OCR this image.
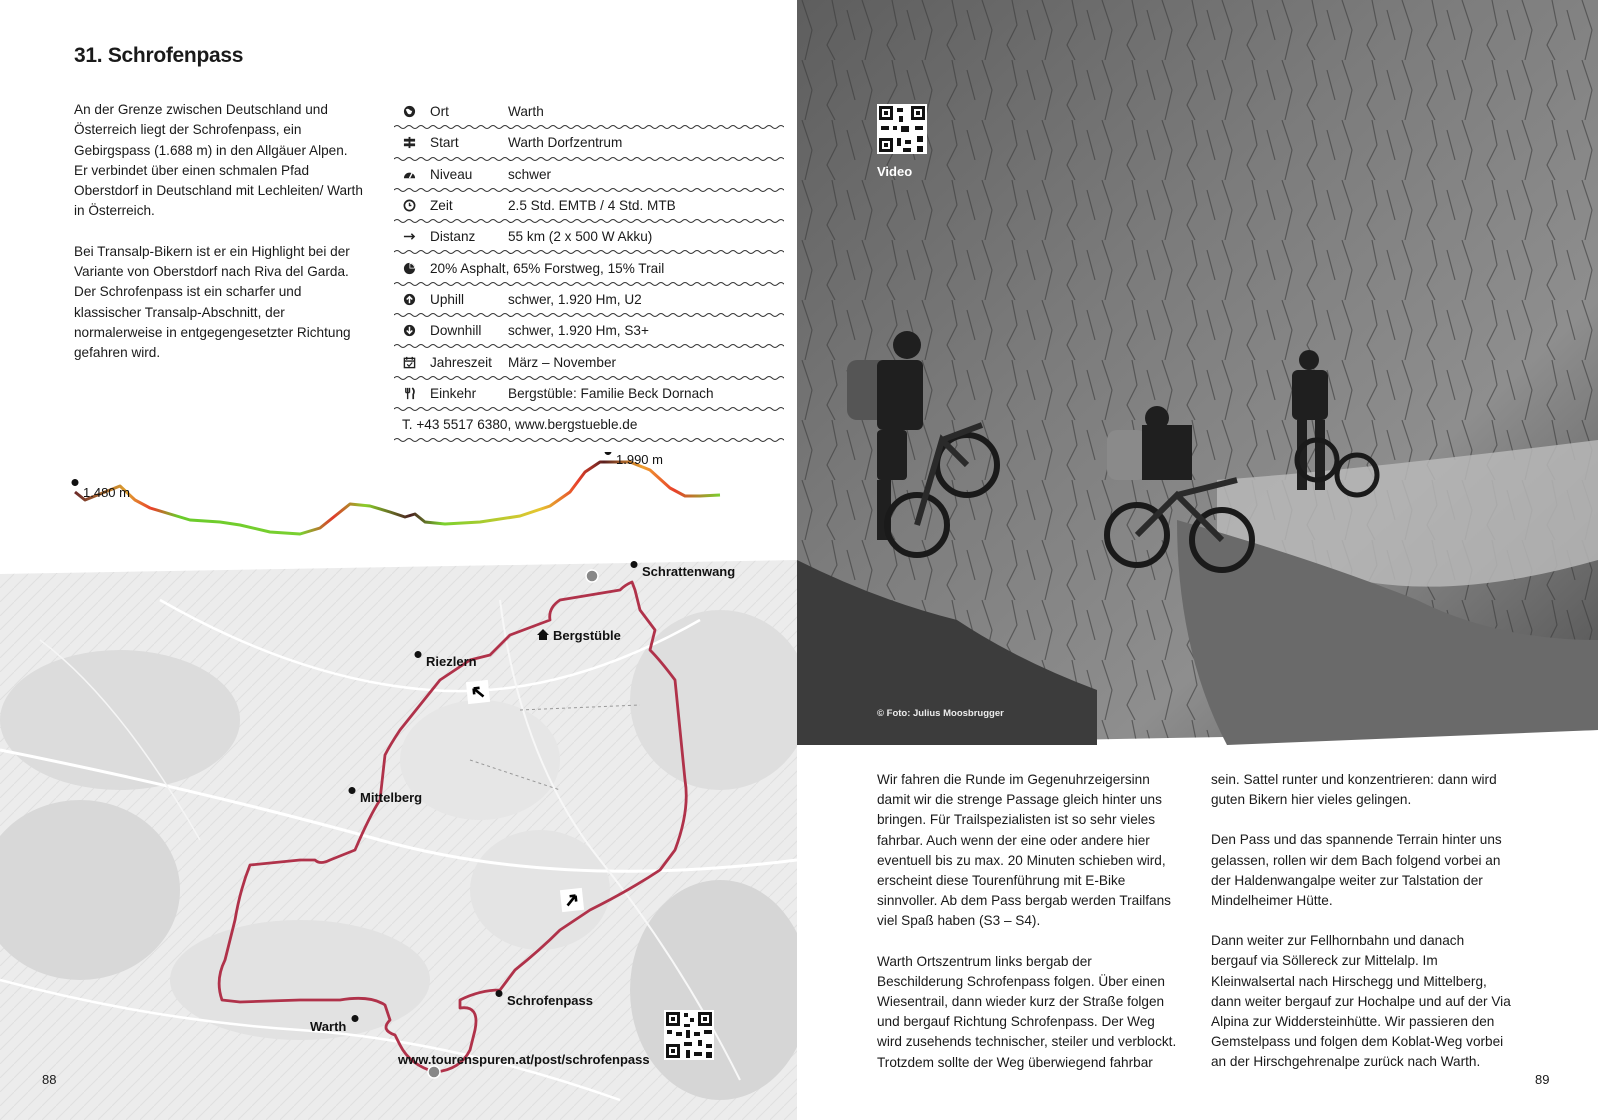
31. Schrofenpass

An der Grenze zwischen Deutschland und Österreich liegt der Schrofenpass, ein Gebirgspass (1.688 m) in den Allgäuer Alpen. Er verbindet über einen schmalen Pfad Oberstdorf in Deutschland mit Lechleiten/ Warth in Österreich.

Bei Transalp-Bikern ist er ein Highlight bei der Variante von Oberstdorf nach Riva del Garda. Der Schrofenpass ist ein scharfer und klassischer Transalp-Abschnitt, der normalerweise in entgegengesetzter Richtung gefahren wird.

Ort	Warth
Start	Warth Dorfzentrum
Niveau	schwer
Zeit	2.5 Std. EMTB / 4 Std. MTB
Distanz	55 km (2 x 500 W Akku)
20% Asphalt, 65% Forstweg, 15% Trail
Uphill	schwer, 1.920 Hm, U2
Downhill	schwer, 1.920 Hm, S3+
Jahreszeit	März – November
Einkehr	Bergstüble: Familie Beck Dornach
T. +43 5517 6380, www.bergstueble.de
1.480 m
1.990 m
Schrattenwang
Bergstüble
Riezlern
Mittelberg
Schrofenpass
Warth
www.tourenspuren.at/post/schrofenpass
88
Video
© Foto: Julius Moosbrugger

Wir fahren die Runde im Gegenuhrzeigersinn damit wir die strenge Passage gleich hinter uns bringen. Für Trailspezialisten ist so sehr vieles fahrbar. Auch wenn der eine oder andere hier eventuell bis zu max. 20 Minuten schieben wird, erscheint diese Tourenführung mit E-Bike sinnvoller. Ab dem Pass bergab werden Trailfans viel Spaß haben (S3 – S4).

Warth Ortszentrum links bergab der Beschilderung Schrofenpass folgen. Über einen Wiesentrail, dann wieder kurz der Straße folgen und bergauf Richtung Schrofenpass. Der Weg wird zusehends technischer, steiler und verblockt. Trotzdem sollte der Weg überwiegend fahrbar

sein. Sattel runter und konzentrieren: dann wird guten Bikern hier vieles gelingen.

Den Pass und das spannende Terrain hinter uns gelassen, rollen wir dem Bach folgend vorbei an der Haldenwangalpe weiter zur Talstation der Mindelheimer Hütte.

Dann weiter zur Fellhornbahn und danach bergauf via Söllereck zur Mittelalp. Im Kleinwalsertal nach Hirschegg und Mittelberg, dann weiter bergauf zur Hochalpe und auf der Via Alpina zur Widdersteinhütte. Wir passieren den Gemstelpass und folgen dem Koblat-Weg vorbei an der Hirschgehrenalpe zurück nach Warth.

89
